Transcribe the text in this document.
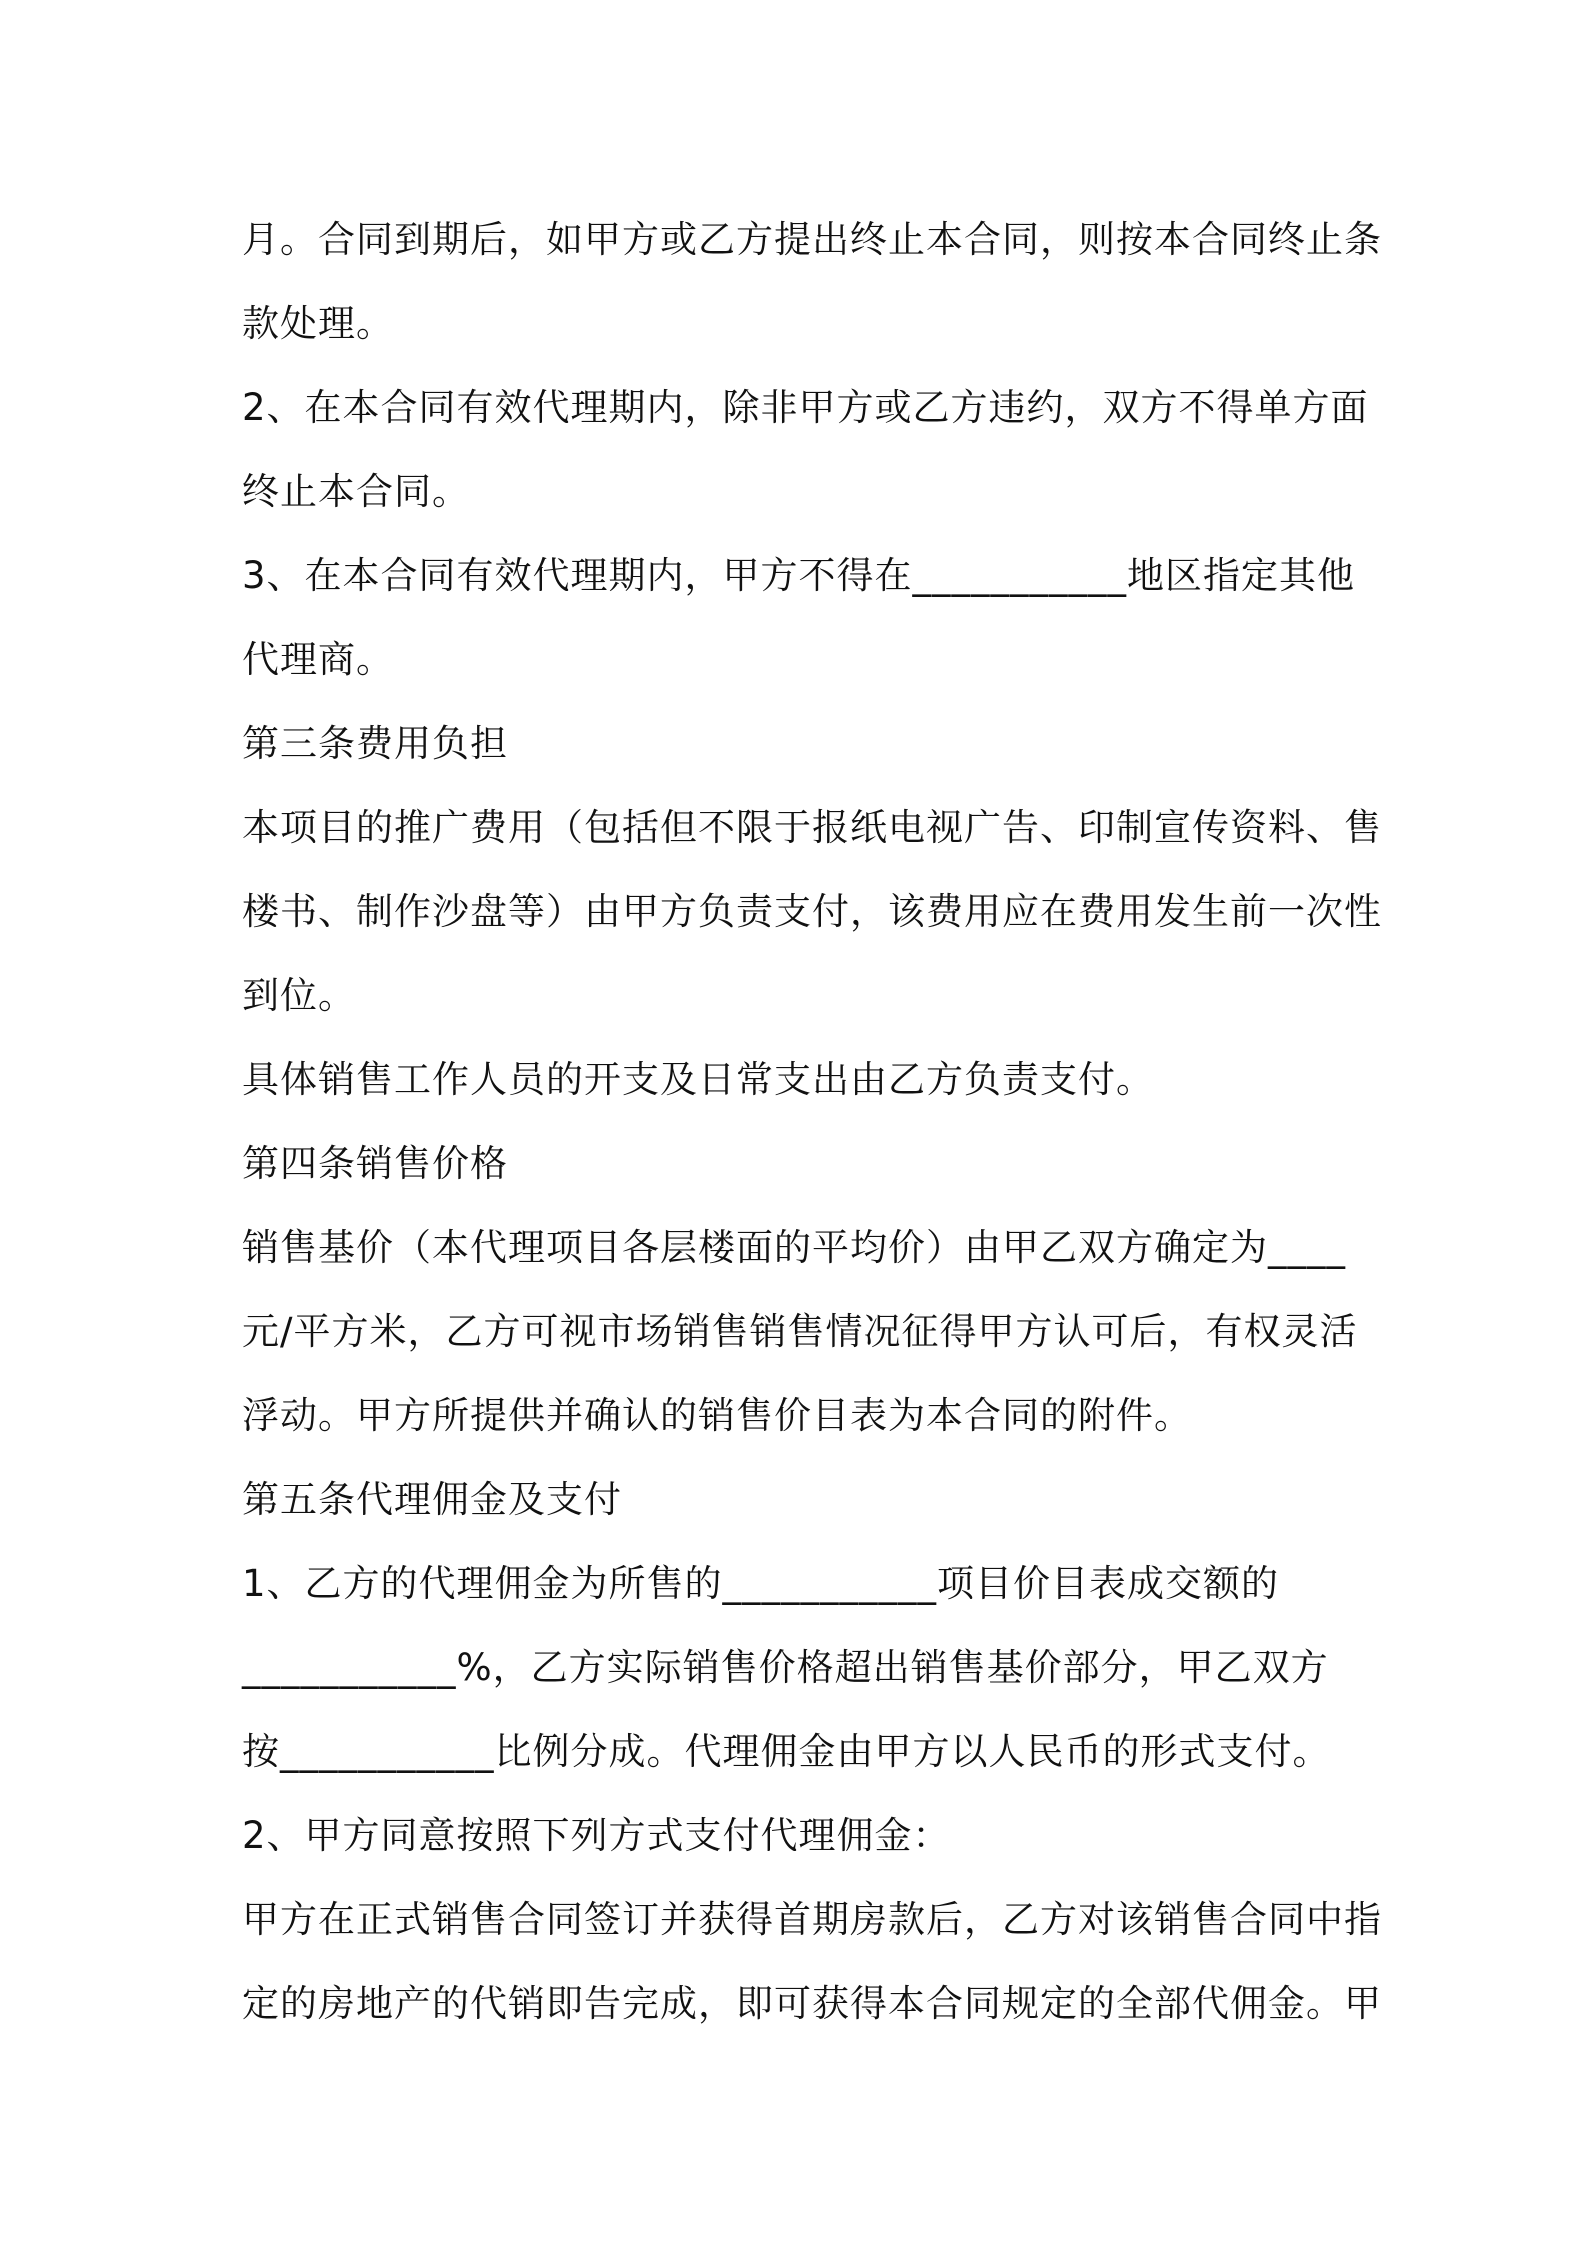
月。合同到期后，如甲方或乙方提出终止本合同，则按本合同终止条
款处理。
2、在本合同有效代理期内，除非甲方或乙方违约，双方不得单方面
终止本合同。
3、在本合同有效代理期内，甲方不得在___________地区指定其他
代理商。
第三条费用负担
本项目的推广费用（包括但不限于报纸电视广告、印制宣传资料、售
楼书、制作沙盘等）由甲方负责支付，该费用应在费用发生前一次性
到位。
具体销售工作人员的开支及日常支出由乙方负责支付。
第四条销售价格
销售基价（本代理项目各层楼面的平均价）由甲乙双方确定为____
元/平方米，乙方可视市场销售销售情况征得甲方认可后，有权灵活
浮动。甲方所提供并确认的销售价目表为本合同的附件。
第五条代理佣金及支付
1、乙方的代理佣金为所售的___________项目价目表成交额的
___________%，乙方实际销售价格超出销售基价部分，甲乙双方
按___________比例分成。代理佣金由甲方以人民币的形式支付。
2、甲方同意按照下列方式支付代理佣金：
甲方在正式销售合同签订并获得首期房款后，乙方对该销售合同中指
定的房地产的代销即告完成，即可获得本合同规定的全部代佣金。甲
